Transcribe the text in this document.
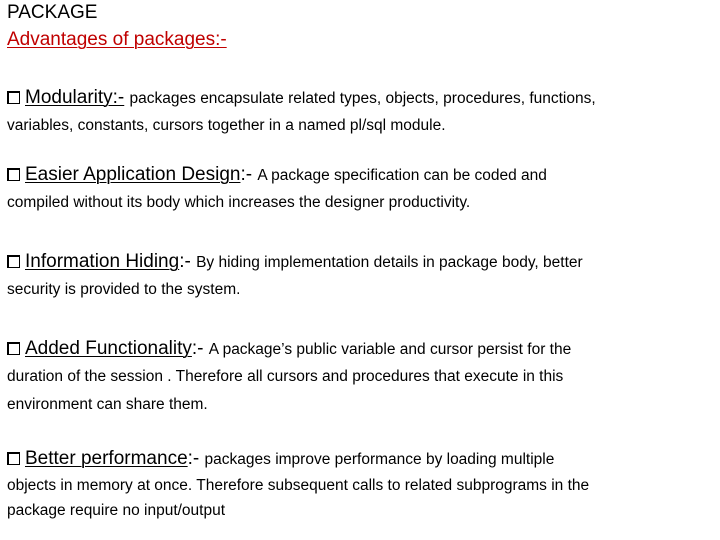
PACKAGE
Advantages of packages:-
Modularity:-
packages encapsulate related types, objects, procedures, functions,
variables, constants, cursors together in a named pl/sql module.
Easier Application Design :- A package specification can be coded and
compiled without its body which increases the designer productivity.
Information Hiding :- By hiding implementation details in package body, better
security is provided to the system.
Added Functionality :- A package’s public variable and cursor persist for the
duration of the session . Therefore all cursors and procedures that execute in this
environment can share them.
Better performance :- packages improve performance by loading multiple
objects in memory at once. Therefore subsequent calls to related subprograms in the
package require no input/output
